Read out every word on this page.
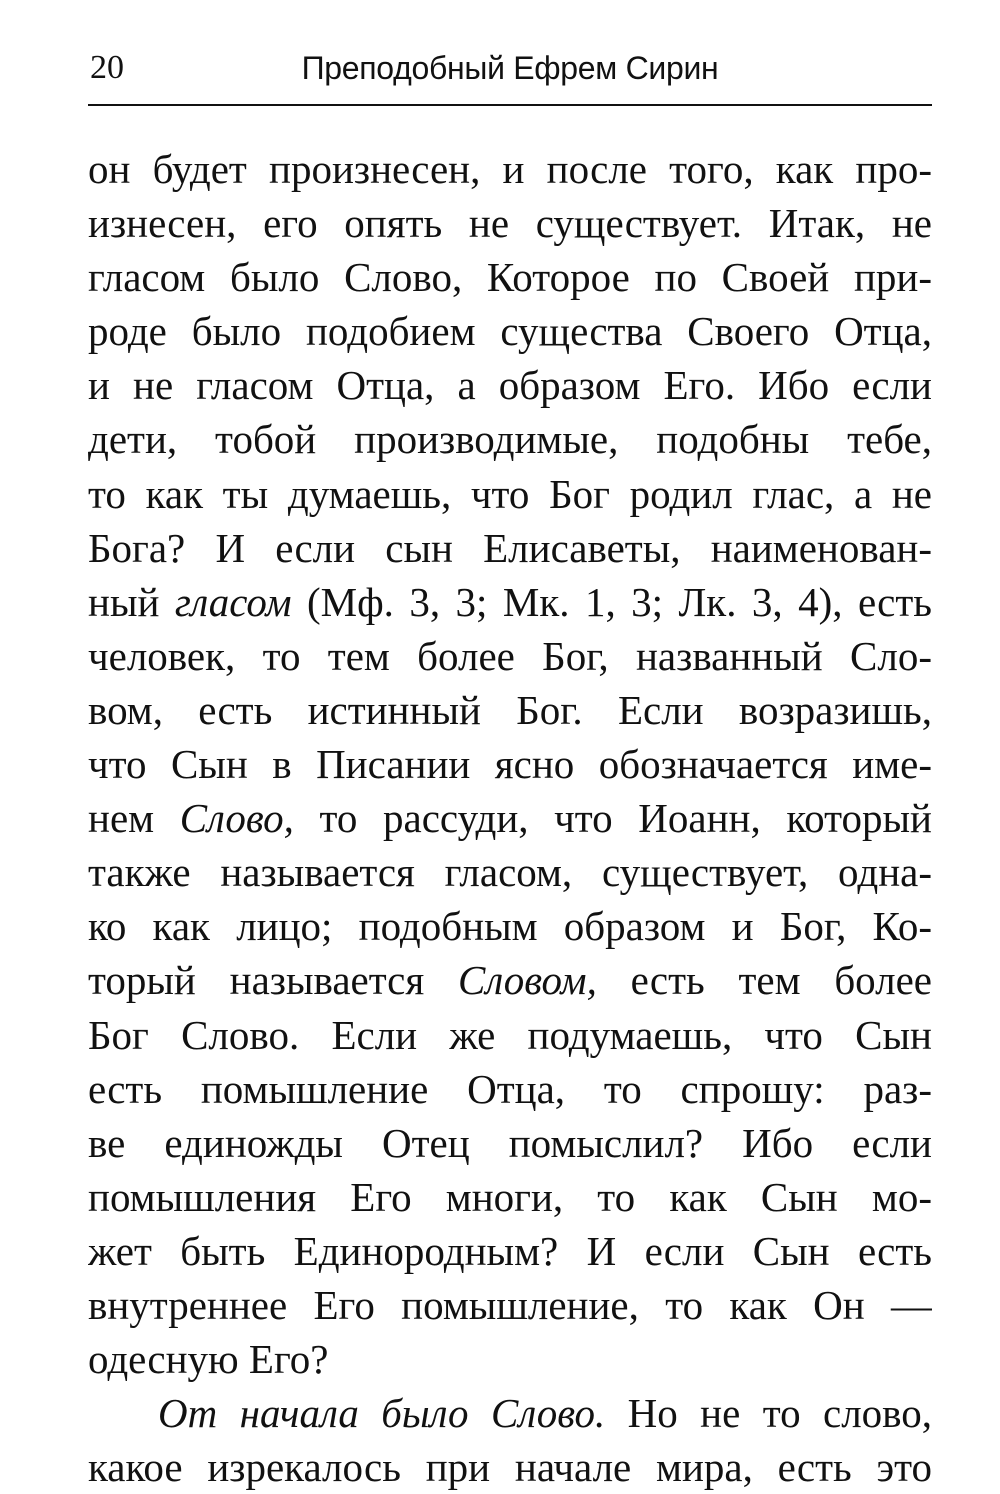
20	Преподобный Ефрем Сирин
он будет произнесен, и после того, как про-
изнесен, его опять не существует. Итак, не
гласом было Слово, Которое по Своей при-
роде было подобием существа Своего Отца,
и не гласом Отца, а образом Его. Ибо если
дети, тобой производимые, подобны тебе,
то как ты думаешь, что Бог родил глас, а не
Бога? И если сын Елисаветы, наименован-
ный гласом (Мф. 3, 3; Мк. 1, 3; Лк. 3, 4), есть
человек, то тем более Бог, названный Сло-
вом, есть истинный Бог. Если возразишь,
что Сын в Писании ясно обозначается име-
нем Слово, то рассуди, что Иоанн, который
также называется гласом, существует, одна-
ко как лицо; подобным образом и Бог, Ко-
торый называется Словом, есть тем более
Бог Слово. Если же подумаешь, что Сын
есть помышление Отца, то спрошу: раз-
ве единожды Отец помыслил? Ибо если
помышления Его многи, то как Сын мо-
жет быть Единородным? И если Сын есть
внутреннее Его помышление, то как Он —
одесную Его?
От начала было Слово. Но не то слово,
какое изрекалось при начале мира, есть это
